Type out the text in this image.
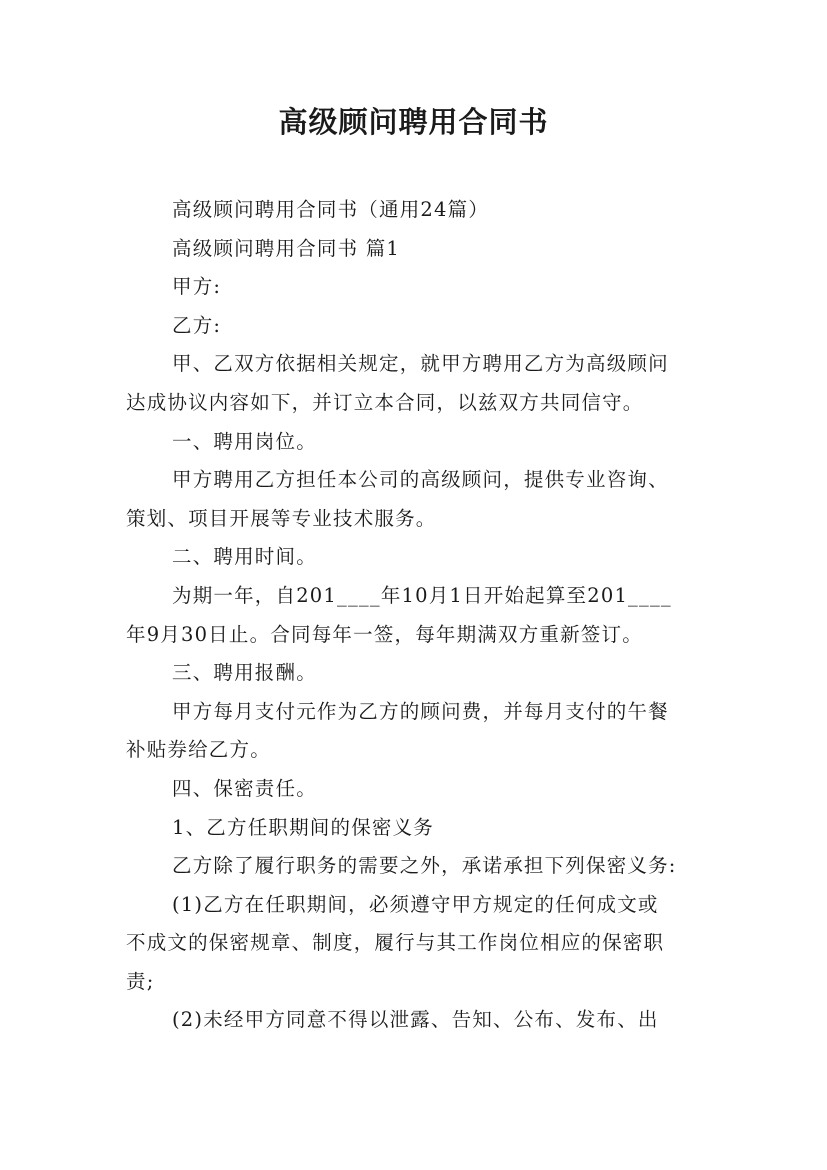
高级顾问聘用合同书
高级顾问聘用合同书（通用24篇）
高级顾问聘用合同书 篇1
甲方:
乙方:
甲、乙双方依据相关规定，就甲方聘用乙方为高级顾问
达成协议内容如下，并订立本合同，以兹双方共同信守。
一、聘用岗位。
甲方聘用乙方担任本公司的高级顾问，提供专业咨询、
策划、项目开展等专业技术服务。
二、聘用时间。
为期一年，自201____年10月1日开始起算至201____
年9月30日止。合同每年一签，每年期满双方重新签订。
三、聘用报酬。
甲方每月支付元作为乙方的顾问费，并每月支付的午餐
补贴券给乙方。
四、保密责任。
1、乙方任职期间的保密义务
乙方除了履行职务的需要之外，承诺承担下列保密义务:
(1)乙方在任职期间，必须遵守甲方规定的任何成文或
不成文的保密规章、制度，履行与其工作岗位相应的保密职
责;
(2)未经甲方同意不得以泄露、告知、公布、发布、出
